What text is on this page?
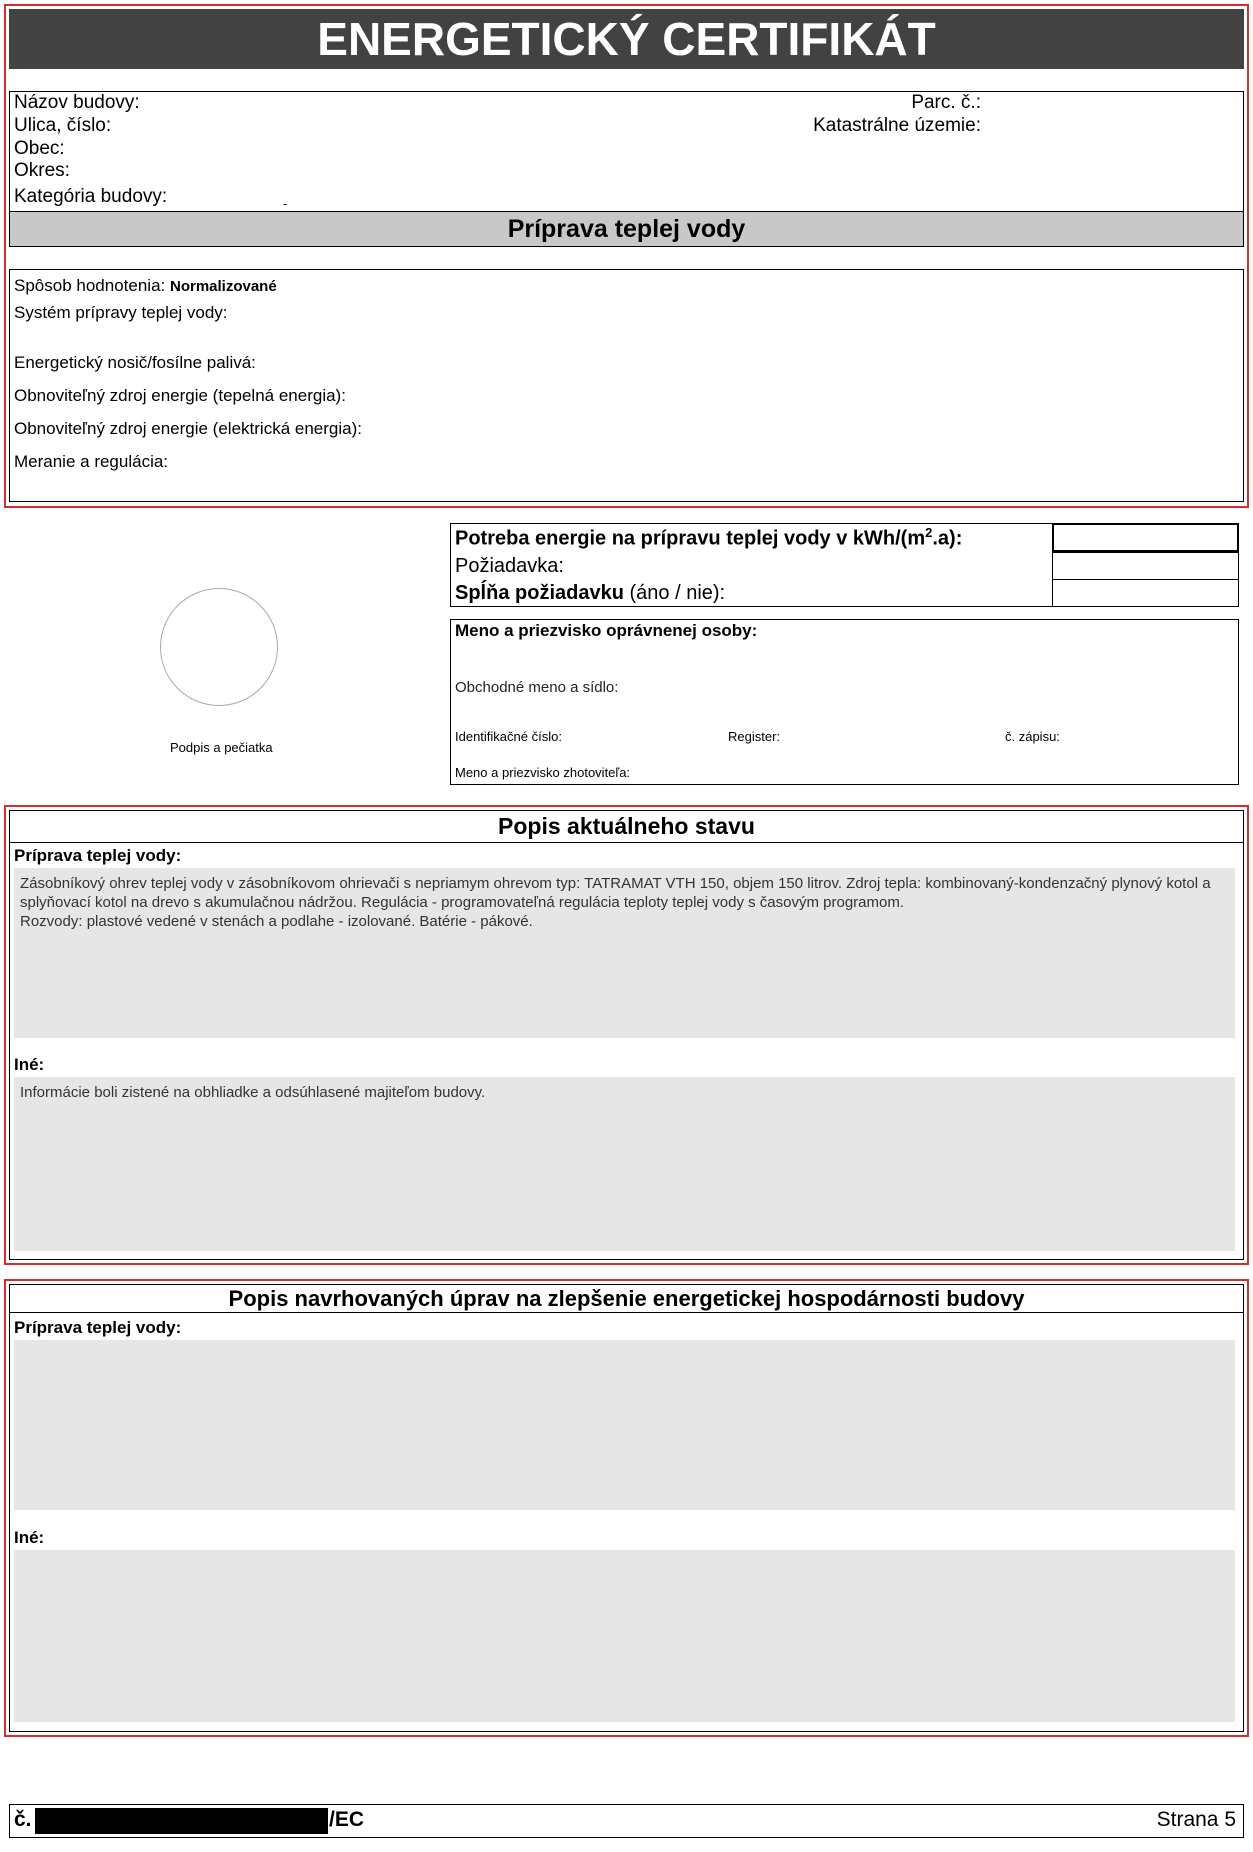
ENERGETICKÝ CERTIFIKÁT
Názov budovy:
Ulica, číslo:
Obec:
Okres:
Kategória budovy:	-
Parc. č.:
Katastrálne územie:
Príprava teplej vody
Spôsob hodnotenia: Normalizované
Systém prípravy teplej vody:
Energetický nosič/fosílne palivá:
Obnoviteľný zdroj energie (tepelná energia):
Obnoviteľný zdroj energie (elektrická energia):
Meranie a regulácia:
Podpis a pečiatka
Potreba energie na prípravu teplej vody v kWh/$(m^2.a)$:
Požiadavka:
Spĺňa požiadavku (áno / nie):
Meno a priezvisko oprávnenej osoby:
Obchodné meno a sídlo:
Identifikačné číslo:	Register:	č. zápisu:
Meno a priezvisko zhotoviteľa:
Popis aktuálneho stavu
Príprava teplej vody:
Zásobníkový ohrev teplej vody v zásobníkovom ohrievači s nepriamym ohrevom typ: TATRAMAT VTH 150, objem 150 litrov. Zdroj tepla: kombinovaný-kondenzačný plynový kotol a splyňovací kotol na drevo s akumulačnou nádržou. Regulácia - programovateľná regulácia teploty teplej vody s časovým programom.
Rozvody: plastové vedené v stenách a podlahe - izolované. Batérie - pákové.
Iné:
Informácie boli zistené na obhliadke a odsúhlasené majiteľom budovy.
Popis navrhovaných úprav na zlepšenie energetickej hospodárnosti budovy
Príprava teplej vody:
Iné:
č.	/EC	Strana 5
